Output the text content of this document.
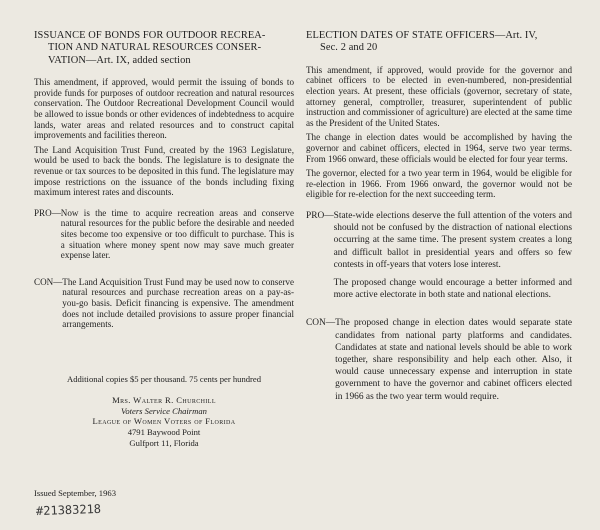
ISSUANCE OF BONDS FOR OUTDOOR RECREA-

TION AND NATURAL RESOURCES CONSER-
VATION—Art. IX, added section

This amendment, if approved, would permit the issuing of bonds to provide funds for purposes of outdoor recreation and natural resources conservation. The Outdoor Recreational Development Council would be allowed to issue bonds or other evidences of indebtedness to acquire lands, water areas and related resources and to construct capital improvements and facilities thereon.

The Land Acquisition Trust Fund, created by the 1963 Legislature, would be used to back the bonds. The legislature is to designate the revenue or tax sources to be deposited in this fund. The legislature may impose restrictions on the issuance of the bonds including fixing maximum interest rates and discounts.

PRO— Now is the time to acquire recreation areas and conserve natural resources for the public before the desirable and needed sites become too expensive or too difficult to purchase. This is a situation where money spent now may save much greater expense later.

CON— The Land Acquisition Trust Fund may be used now to conserve natural resources and purchase recreation areas on a pay-as-you-go basis. Deficit financing is expensive. The amendment does not include detailed provisions to assure proper financial arrangements.

Additional copies $5 per thousand. 75 cents per hundred
Mrs. Walter R. Churchill
Voters Service Chairman
League of Women Voters of Florida
4791 Baywood Point
Gulfport 11, Florida
Issued September, 1963
#21383218
ELECTION DATES OF STATE OFFICERS—Art. IV,

Sec. 2 and 20

This amendment, if approved, would provide for the governor and cabinet officers to be elected in even-numbered, non-presidential election years. At present, these officials (governor, secretary of state, attorney general, comptroller, treasurer, superintendent of public instruction and commissioner of agriculture) are elected at the same time as the President of the United States.

The change in election dates would be accomplished by having the governor and cabinet officers, elected in 1964, serve two year terms. From 1966 onward, these officials would be elected for four year terms.

The governor, elected for a two year term in 1964, would be eligible for re-election in 1966. From 1966 onward, the governor would not be eligible for re-election for the next succeeding term.

PRO— State-wide elections deserve the full attention of the voters and should not be confused by the distraction of national elections occurring at the same time. The present system creates a long and difficult ballot in presidential years and offers so few contests in off-years that voters lose interest.

The proposed change would encourage a better informed and more active electorate in both state and national elections.

CON— The proposed change in election dates would separate state candidates from national party platforms and candidates. Candidates at state and national levels should be able to work together, share responsibility and help each other. Also, it would cause unnecessary expense and interruption in state government to have the governor and cabinet officers elected in 1966 as the two year term would require.
